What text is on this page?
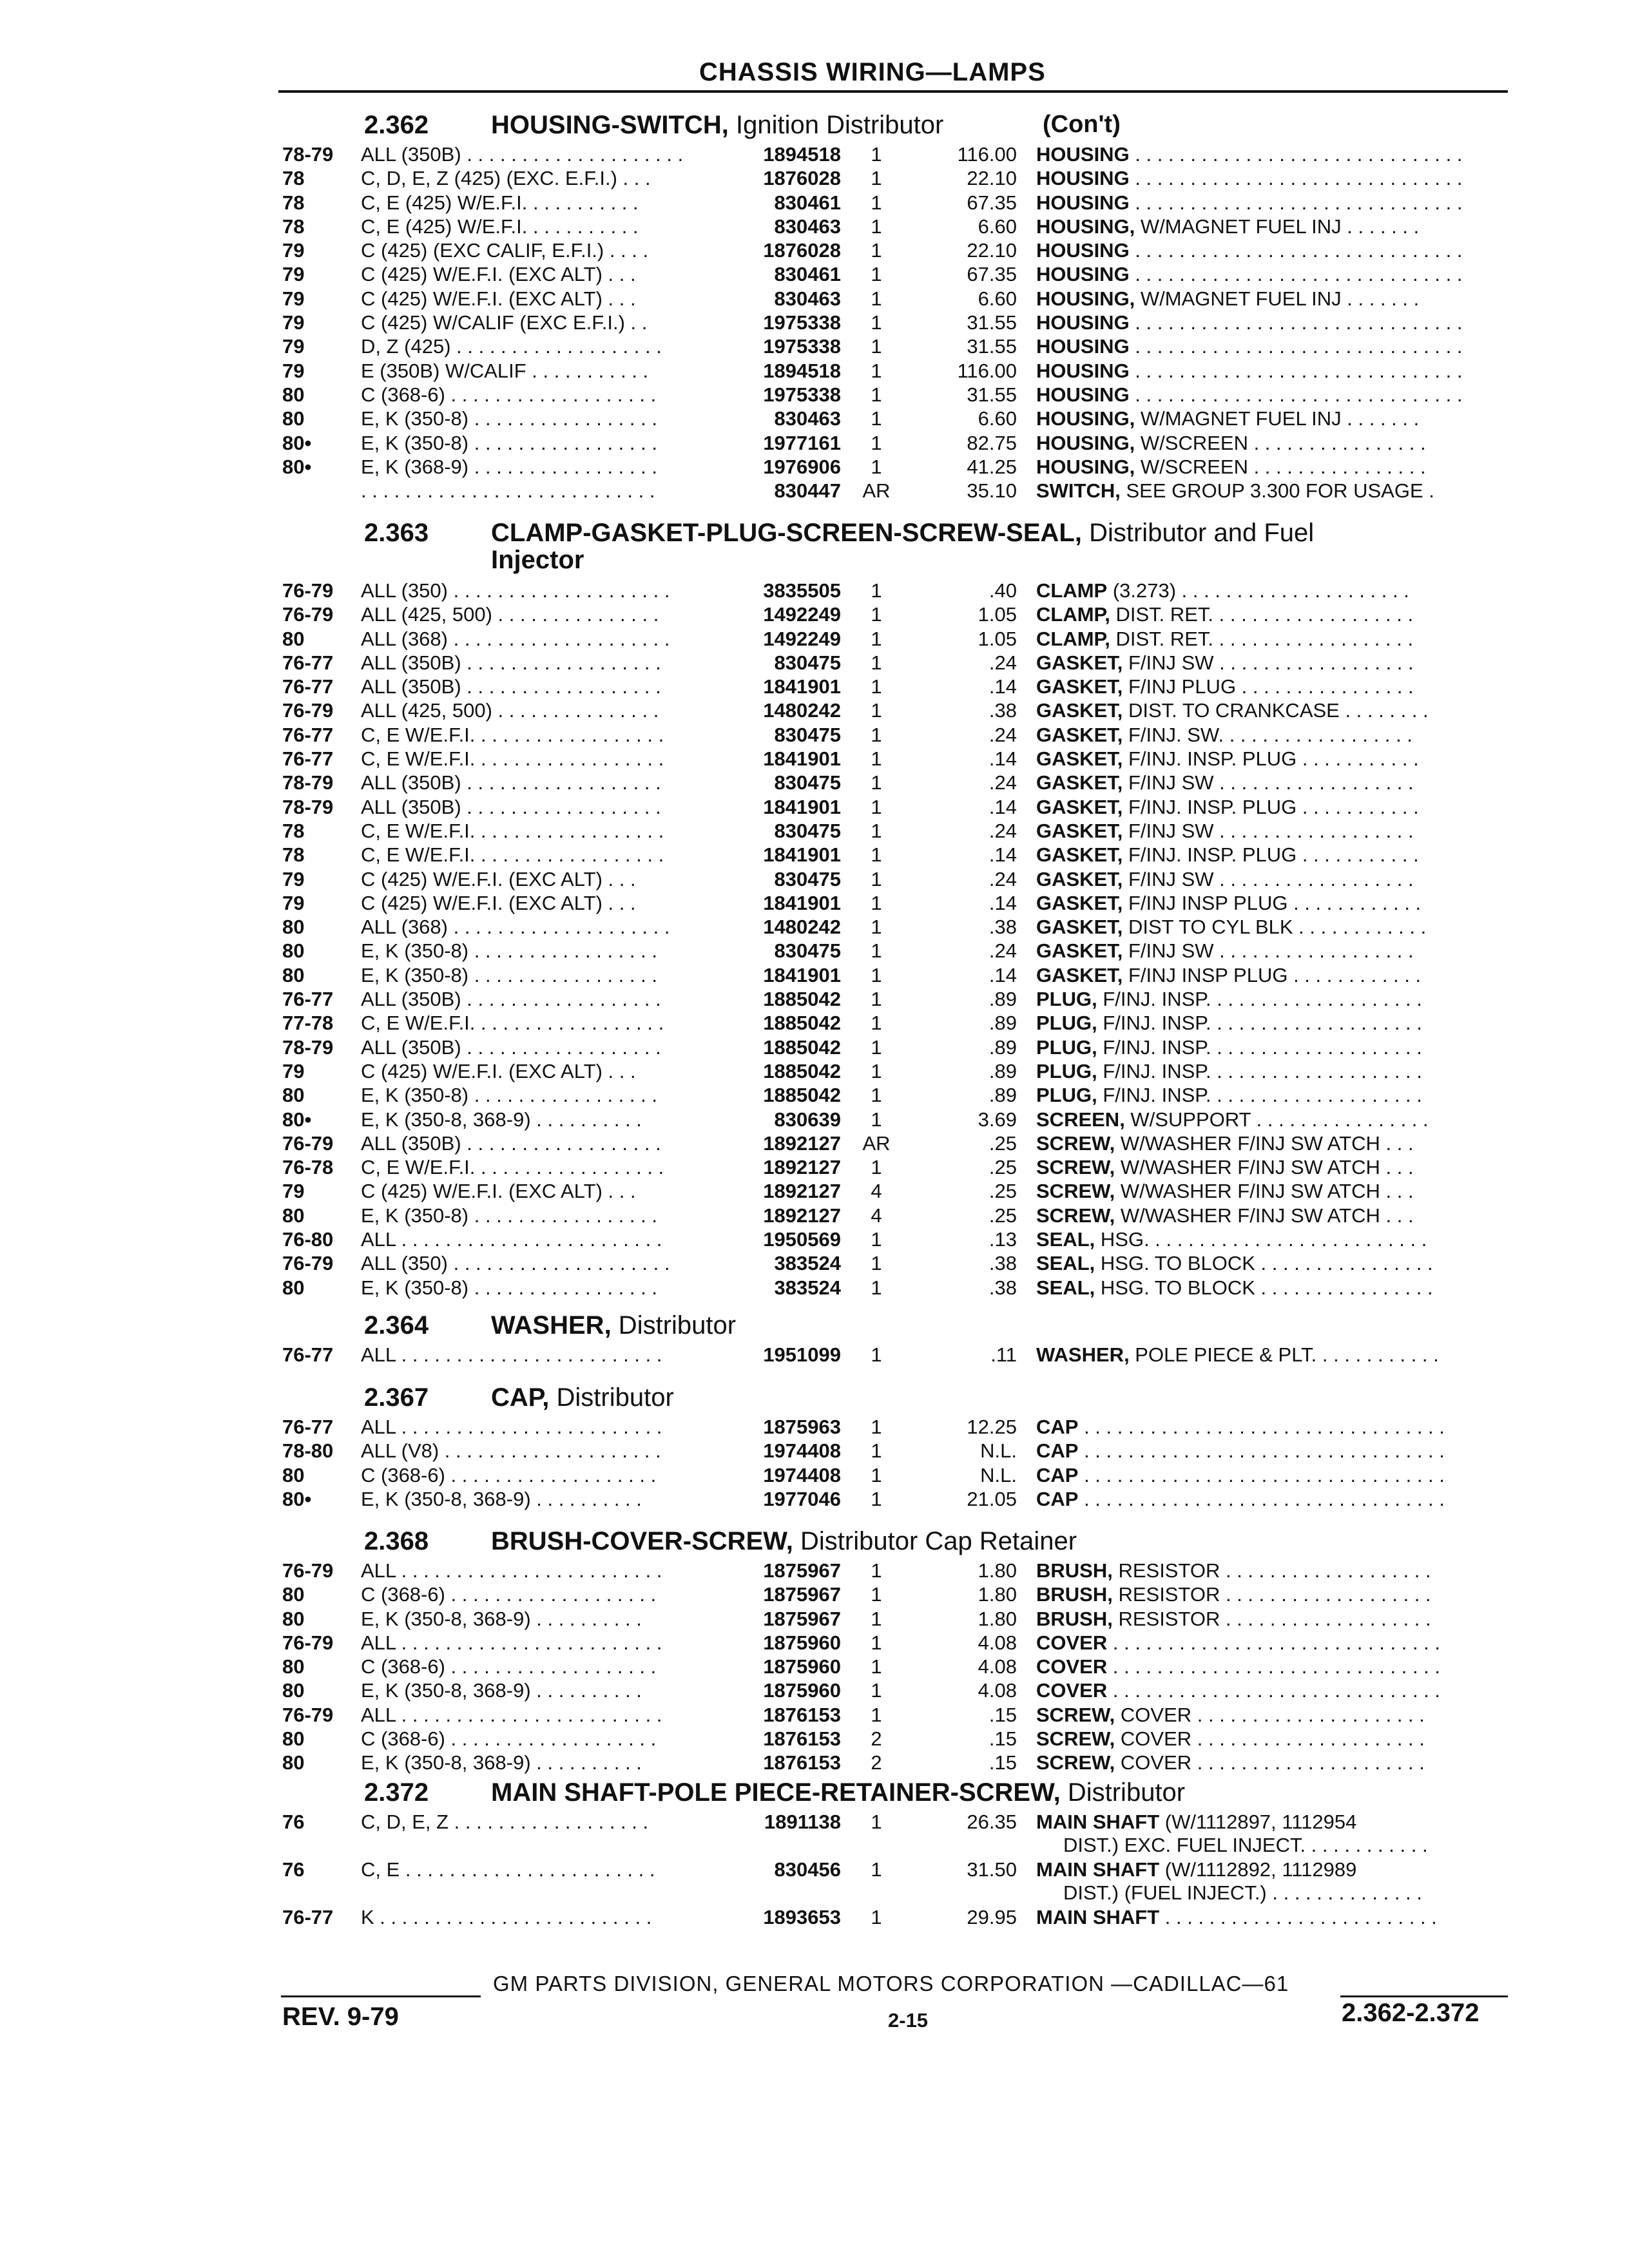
CHASSIS WIRING—LAMPS
2.362 HOUSING-SWITCH, Ignition Distributor	(Con't)
78-79 ALL (350B) . . . . . . . . . . . . . . . . . . . .	1894518	1	116.00 HOUSING . . . . . . . . . . . . . . . . . . . . . . . . . . . . . .
78	C, D, E, Z (425) (EXC. E.F.I.) . . .	1876028	1	22.10 HOUSING . . . . . . . . . . . . . . . . . . . . . . . . . . . . . .
78	C, E (425) W/E.F.I. . . . . . . . . . .	830461	1	67.35 HOUSING . . . . . . . . . . . . . . . . . . . . . . . . . . . . . .
78	C, E (425) W/E.F.I. . . . . . . . . . .	830463	1	6.60 HOUSING, W/MAGNET FUEL INJ . . . . . . .
79	C (425) (EXC CALIF, E.F.I.) . . . .	1876028	1	22.10 HOUSING . . . . . . . . . . . . . . . . . . . . . . . . . . . . . .
79	C (425) W/E.F.I. (EXC ALT) . . .	830461	1	67.35 HOUSING . . . . . . . . . . . . . . . . . . . . . . . . . . . . . .
79	C (425) W/E.F.I. (EXC ALT) . . .	830463	1	6.60 HOUSING, W/MAGNET FUEL INJ . . . . . . .
79	C (425) W/CALIF (EXC E.F.I.) . .	1975338	1	31.55 HOUSING . . . . . . . . . . . . . . . . . . . . . . . . . . . . . .
79	D, Z (425) . . . . . . . . . . . . . . . . . . .	1975338	1	31.55 HOUSING . . . . . . . . . . . . . . . . . . . . . . . . . . . . . .
79	E (350B) W/CALIF . . . . . . . . . . .	1894518	1	116.00 HOUSING . . . . . . . . . . . . . . . . . . . . . . . . . . . . . .
80	C (368-6) . . . . . . . . . . . . . . . . . . .	1975338	1	31.55 HOUSING . . . . . . . . . . . . . . . . . . . . . . . . . . . . . .
80	E, K (350-8) . . . . . . . . . . . . . . . . .	830463	1	6.60 HOUSING, W/MAGNET FUEL INJ . . . . . . .
80• E, K (350-8) . . . . . . . . . . . . . . . . .	1977161	1	82.75 HOUSING, W/SCREEN . . . . . . . . . . . . . . . .
80• E, K (368-9) . . . . . . . . . . . . . . . . .	1976906	1	41.25 HOUSING, W/SCREEN . . . . . . . . . . . . . . . .
. . . . . . . . . . . . . . . . . . . . . . . . . . .	830447	AR	35.10 SWITCH, SEE GROUP 3.300 FOR USAGE .
2.363 CLAMP-GASKET-PLUG-SCREEN-SCREW-SEAL, Distributor and Fuel
Injector
76-79 ALL (350) . . . . . . . . . . . . . . . . . . . .	3835505	1	.40 CLAMP (3.273) . . . . . . . . . . . . . . . . . . . . .
76-79 ALL (425, 500) . . . . . . . . . . . . . . .	1492249	1	1.05 CLAMP, DIST. RET. . . . . . . . . . . . . . . . . . .
80	ALL (368) . . . . . . . . . . . . . . . . . . . .	1492249	1	1.05 CLAMP, DIST. RET. . . . . . . . . . . . . . . . . . .
76-77 ALL (350B) . . . . . . . . . . . . . . . . . .	830475	1	.24 GASKET, F/INJ SW . . . . . . . . . . . . . . . . . .
76-77 ALL (350B) . . . . . . . . . . . . . . . . . .	1841901	1	.14 GASKET, F/INJ PLUG . . . . . . . . . . . . . . . .
76-79 ALL (425, 500) . . . . . . . . . . . . . . .	1480242	1	.38 GASKET, DIST. TO CRANKCASE . . . . . . . .
76-77 C, E W/E.F.I. . . . . . . . . . . . . . . . . .	830475	1	.24 GASKET, F/INJ. SW. . . . . . . . . . . . . . . . . .
76-77 C, E W/E.F.I. . . . . . . . . . . . . . . . . .	1841901	1	.14 GASKET, F/INJ. INSP. PLUG . . . . . . . . . . .
78-79 ALL (350B) . . . . . . . . . . . . . . . . . .	830475	1	.24 GASKET, F/INJ SW . . . . . . . . . . . . . . . . . .
78-79 ALL (350B) . . . . . . . . . . . . . . . . . .	1841901	1	.14 GASKET, F/INJ. INSP. PLUG . . . . . . . . . . .
78	C, E W/E.F.I. . . . . . . . . . . . . . . . . .	830475	1	.24 GASKET, F/INJ SW . . . . . . . . . . . . . . . . . .
78	C, E W/E.F.I. . . . . . . . . . . . . . . . . .	1841901	1	.14 GASKET, F/INJ. INSP. PLUG . . . . . . . . . . .
79	C (425) W/E.F.I. (EXC ALT) . . .	830475	1	.24 GASKET, F/INJ SW . . . . . . . . . . . . . . . . . .
79	C (425) W/E.F.I. (EXC ALT) . . .	1841901	1	.14 GASKET, F/INJ INSP PLUG . . . . . . . . . . . .
80	ALL (368) . . . . . . . . . . . . . . . . . . . .	1480242	1	.38 GASKET, DIST TO CYL BLK . . . . . . . . . . . .
80	E, K (350-8) . . . . . . . . . . . . . . . . .	830475	1	.24 GASKET, F/INJ SW . . . . . . . . . . . . . . . . . .
80	E, K (350-8) . . . . . . . . . . . . . . . . .	1841901	1	.14 GASKET, F/INJ INSP PLUG . . . . . . . . . . . .
76-77 ALL (350B) . . . . . . . . . . . . . . . . . .	1885042	1	.89 PLUG, F/INJ. INSP. . . . . . . . . . . . . . . . . . . .
77-78 C, E W/E.F.I. . . . . . . . . . . . . . . . . .	1885042	1	.89 PLUG, F/INJ. INSP. . . . . . . . . . . . . . . . . . . .
78-79 ALL (350B) . . . . . . . . . . . . . . . . . .	1885042	1	.89 PLUG, F/INJ. INSP. . . . . . . . . . . . . . . . . . . .
79	C (425) W/E.F.I. (EXC ALT) . . .	1885042	1	.89 PLUG, F/INJ. INSP. . . . . . . . . . . . . . . . . . . .
80	E, K (350-8) . . . . . . . . . . . . . . . . .	1885042	1	.89 PLUG, F/INJ. INSP. . . . . . . . . . . . . . . . . . . .
80• E, K (350-8, 368-9) . . . . . . . . . .	830639	1	3.69 SCREEN, W/SUPPORT . . . . . . . . . . . . . . . .
76-79 ALL (350B) . . . . . . . . . . . . . . . . . .	1892127	AR	.25 SCREW, W/WASHER F/INJ SW ATCH . . .
76-78 C, E W/E.F.I. . . . . . . . . . . . . . . . . .	1892127	1	.25 SCREW, W/WASHER F/INJ SW ATCH . . .
79	C (425) W/E.F.I. (EXC ALT) . . .	1892127	4	.25 SCREW, W/WASHER F/INJ SW ATCH . . .
80	E, K (350-8) . . . . . . . . . . . . . . . . .	1892127	4	.25 SCREW, W/WASHER F/INJ SW ATCH . . .
76-80 ALL . . . . . . . . . . . . . . . . . . . . . . . .	1950569	1	.13 SEAL, HSG. . . . . . . . . . . . . . . . . . . . . . . . . .
76-79 ALL (350) . . . . . . . . . . . . . . . . . . . .	383524	1	.38 SEAL, HSG. TO BLOCK . . . . . . . . . . . . . . . .
80	E, K (350-8) . . . . . . . . . . . . . . . . .	383524	1	.38 SEAL, HSG. TO BLOCK . . . . . . . . . . . . . . . .
2.364 WASHER, Distributor
76-77 ALL . . . . . . . . . . . . . . . . . . . . . . . .	1951099	1	.11 WASHER, POLE PIECE & PLT. . . . . . . . . . . .
2.367 CAP, Distributor
76-77 ALL . . . . . . . . . . . . . . . . . . . . . . . .	1875963	1	12.25 CAP . . . . . . . . . . . . . . . . . . . . . . . . . . . . . . . . .
78-80 ALL (V8) . . . . . . . . . . . . . . . . . . . .	1974408	1	N.L. CAP . . . . . . . . . . . . . . . . . . . . . . . . . . . . . . . . .
80	C (368-6) . . . . . . . . . . . . . . . . . . .	1974408	1	N.L. CAP . . . . . . . . . . . . . . . . . . . . . . . . . . . . . . . . .
80• E, K (350-8, 368-9) . . . . . . . . . .	1977046	1	21.05 CAP . . . . . . . . . . . . . . . . . . . . . . . . . . . . . . . . .
2.368 BRUSH-COVER-SCREW, Distributor Cap Retainer
76-79 ALL . . . . . . . . . . . . . . . . . . . . . . . .	1875967	1	1.80 BRUSH, RESISTOR . . . . . . . . . . . . . . . . . . .
80	C (368-6) . . . . . . . . . . . . . . . . . . .	1875967	1	1.80 BRUSH, RESISTOR . . . . . . . . . . . . . . . . . . .
80	E, K (350-8, 368-9) . . . . . . . . . .	1875967	1	1.80 BRUSH, RESISTOR . . . . . . . . . . . . . . . . . . .
76-79 ALL . . . . . . . . . . . . . . . . . . . . . . . .	1875960	1	4.08 COVER . . . . . . . . . . . . . . . . . . . . . . . . . . . . . .
80	C (368-6) . . . . . . . . . . . . . . . . . . .	1875960	1	4.08 COVER . . . . . . . . . . . . . . . . . . . . . . . . . . . . . .
80	E, K (350-8, 368-9) . . . . . . . . . .	1875960	1	4.08 COVER . . . . . . . . . . . . . . . . . . . . . . . . . . . . . .
76-79 ALL . . . . . . . . . . . . . . . . . . . . . . . .	1876153	1	.15 SCREW, COVER . . . . . . . . . . . . . . . . . . . . .
80	C (368-6) . . . . . . . . . . . . . . . . . . .	1876153	2	.15 SCREW, COVER . . . . . . . . . . . . . . . . . . . . .
80	E, K (350-8, 368-9) . . . . . . . . . .	1876153	2	.15 SCREW, COVER . . . . . . . . . . . . . . . . . . . . .
2.372 MAIN SHAFT-POLE PIECE-RETAINER-SCREW, Distributor
76	C, D, E, Z . . . . . . . . . . . . . . . . . .	1891138	1	26.35 MAIN SHAFT (W/1112897, 1112954
DIST.) EXC. FUEL INJECT. . . . . . . . . . . .
76	C, E . . . . . . . . . . . . . . . . . . . . . . .	830456	1	31.50 MAIN SHAFT (W/1112892, 1112989
DIST.) (FUEL INJECT.) . . . . . . . . . . . . . .
76-77 K . . . . . . . . . . . . . . . . . . . . . . . . .	1893653	1	29.95 MAIN SHAFT . . . . . . . . . . . . . . . . . . . . . . . . .
GM PARTS DIVISION, GENERAL MOTORS CORPORATION —CADILLAC—61
REV. 9-79	2-15	2.362-2.372
